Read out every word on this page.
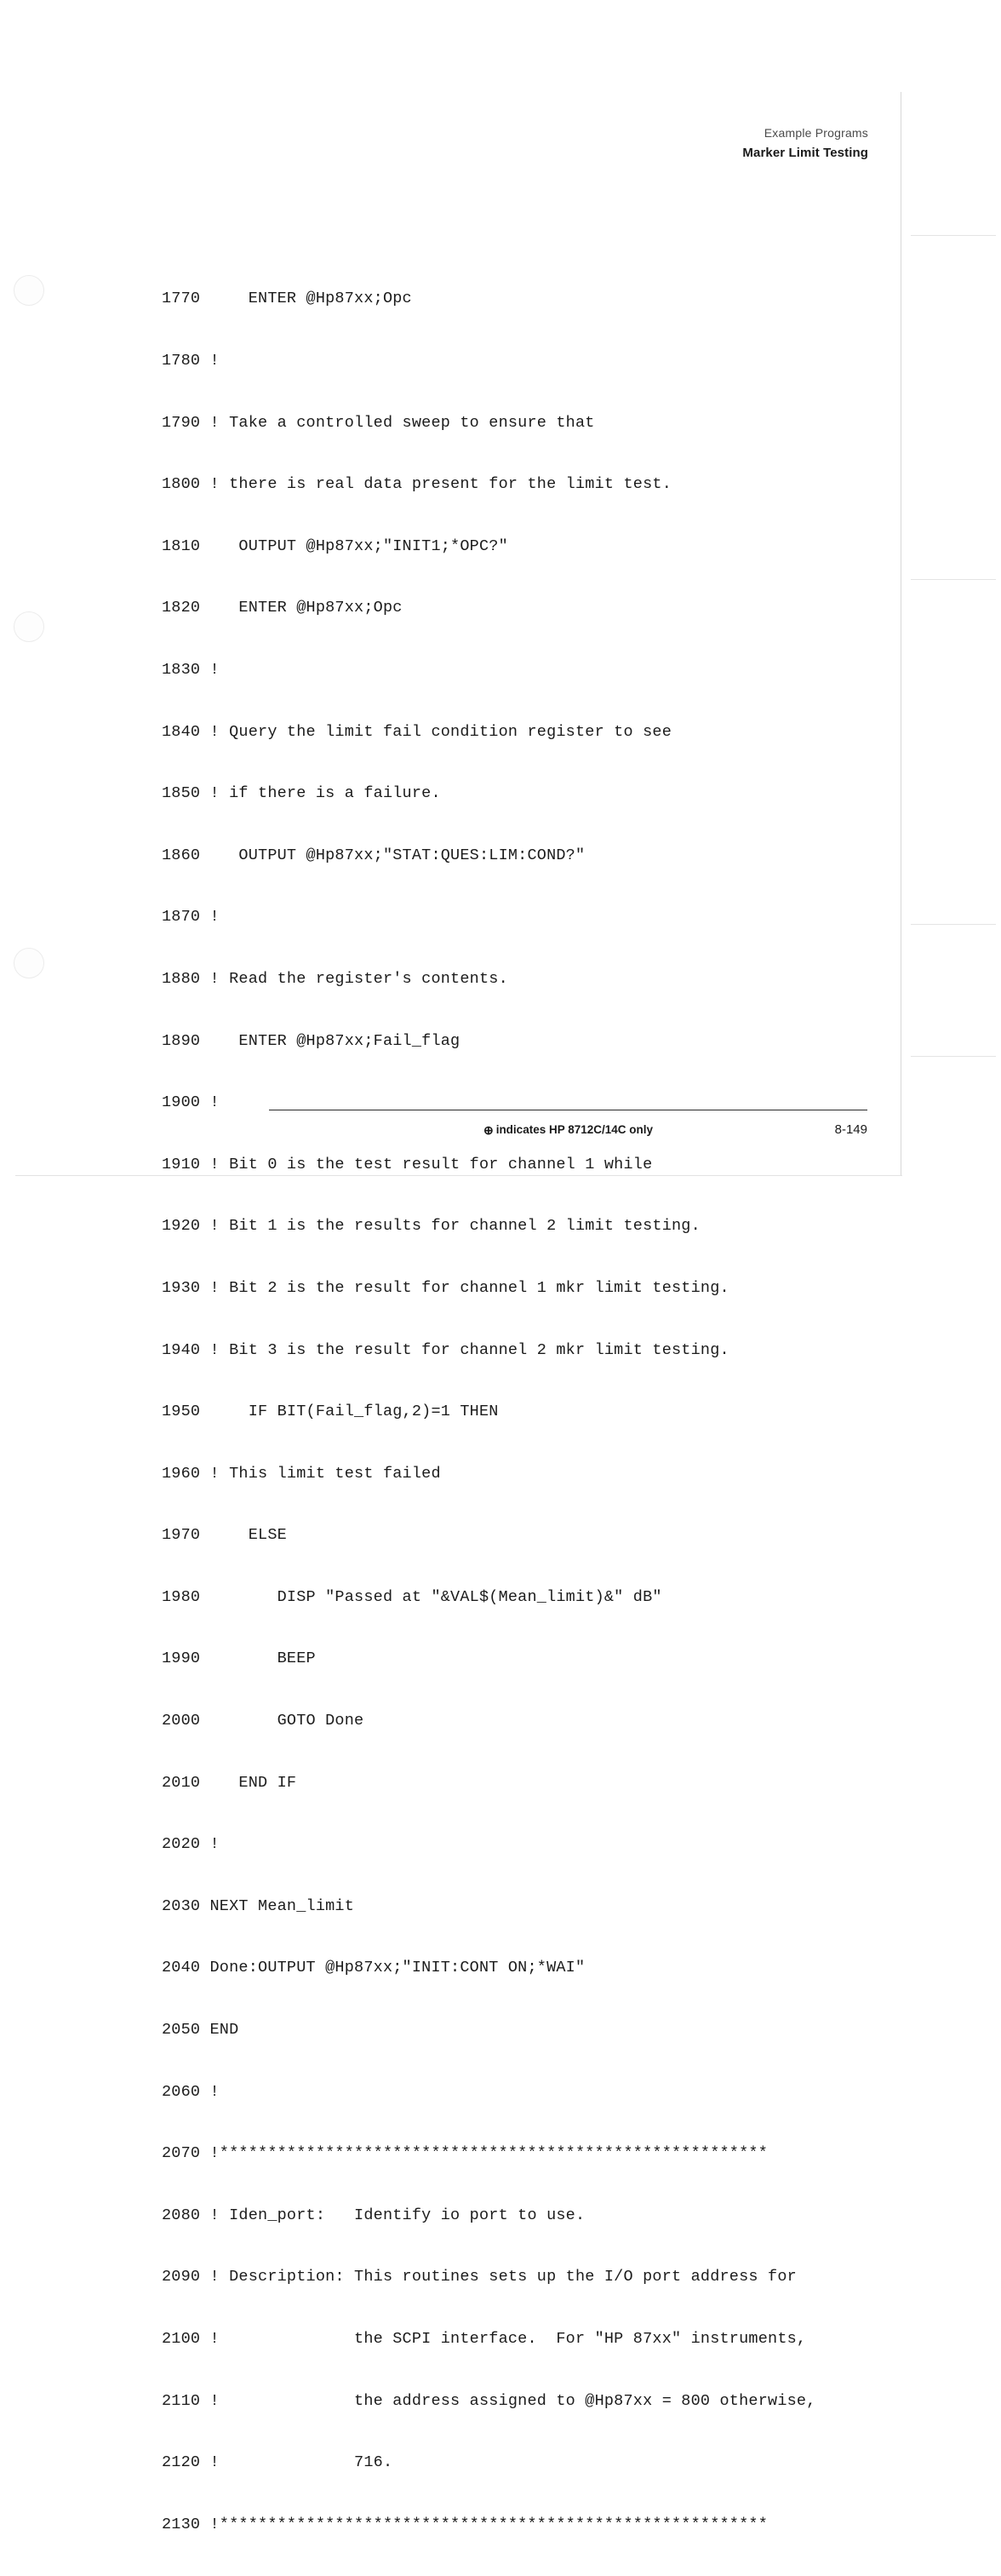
Example Programs
Marker Limit Testing

1770     ENTER @Hp87xx;Opc

1780 !

1790 ! Take a controlled sweep to ensure that

1800 ! there is real data present for the limit test.

1810    OUTPUT @Hp87xx;"INIT1;*OPC?"

1820    ENTER @Hp87xx;Opc

1830 !

1840 ! Query the limit fail condition register to see

1850 ! if there is a failure.

1860    OUTPUT @Hp87xx;"STAT:QUES:LIM:COND?"

1870 !

1880 ! Read the register's contents.

1890    ENTER @Hp87xx;Fail_flag

1900 !

1910 ! Bit 0 is the test result for channel 1 while

1920 ! Bit 1 is the results for channel 2 limit testing.

1930 ! Bit 2 is the result for channel 1 mkr limit testing.

1940 ! Bit 3 is the result for channel 2 mkr limit testing.

1950     IF BIT(Fail_flag,2)=1 THEN

1960 ! This limit test failed

1970     ELSE

1980        DISP "Passed at "&VAL$(Mean_limit)&" dB"

1990        BEEP

2000        GOTO Done

2010    END IF

2020 !

2030 NEXT Mean_limit

2040 Done:OUTPUT @Hp87xx;"INIT:CONT ON;*WAI"

2050 END

2060 !

2070 !*********************************************************

2080 ! Iden_port:   Identify io port to use.

2090 ! Description: This routines sets up the I/O port address for

2100 !              the SCPI interface.  For "HP 87xx" instruments,

2110 !              the address assigned to @Hp87xx = 800 otherwise,

2120 !              716.

2130 !*********************************************************

⊕ indicates HP 8712C/14C only	8-149
